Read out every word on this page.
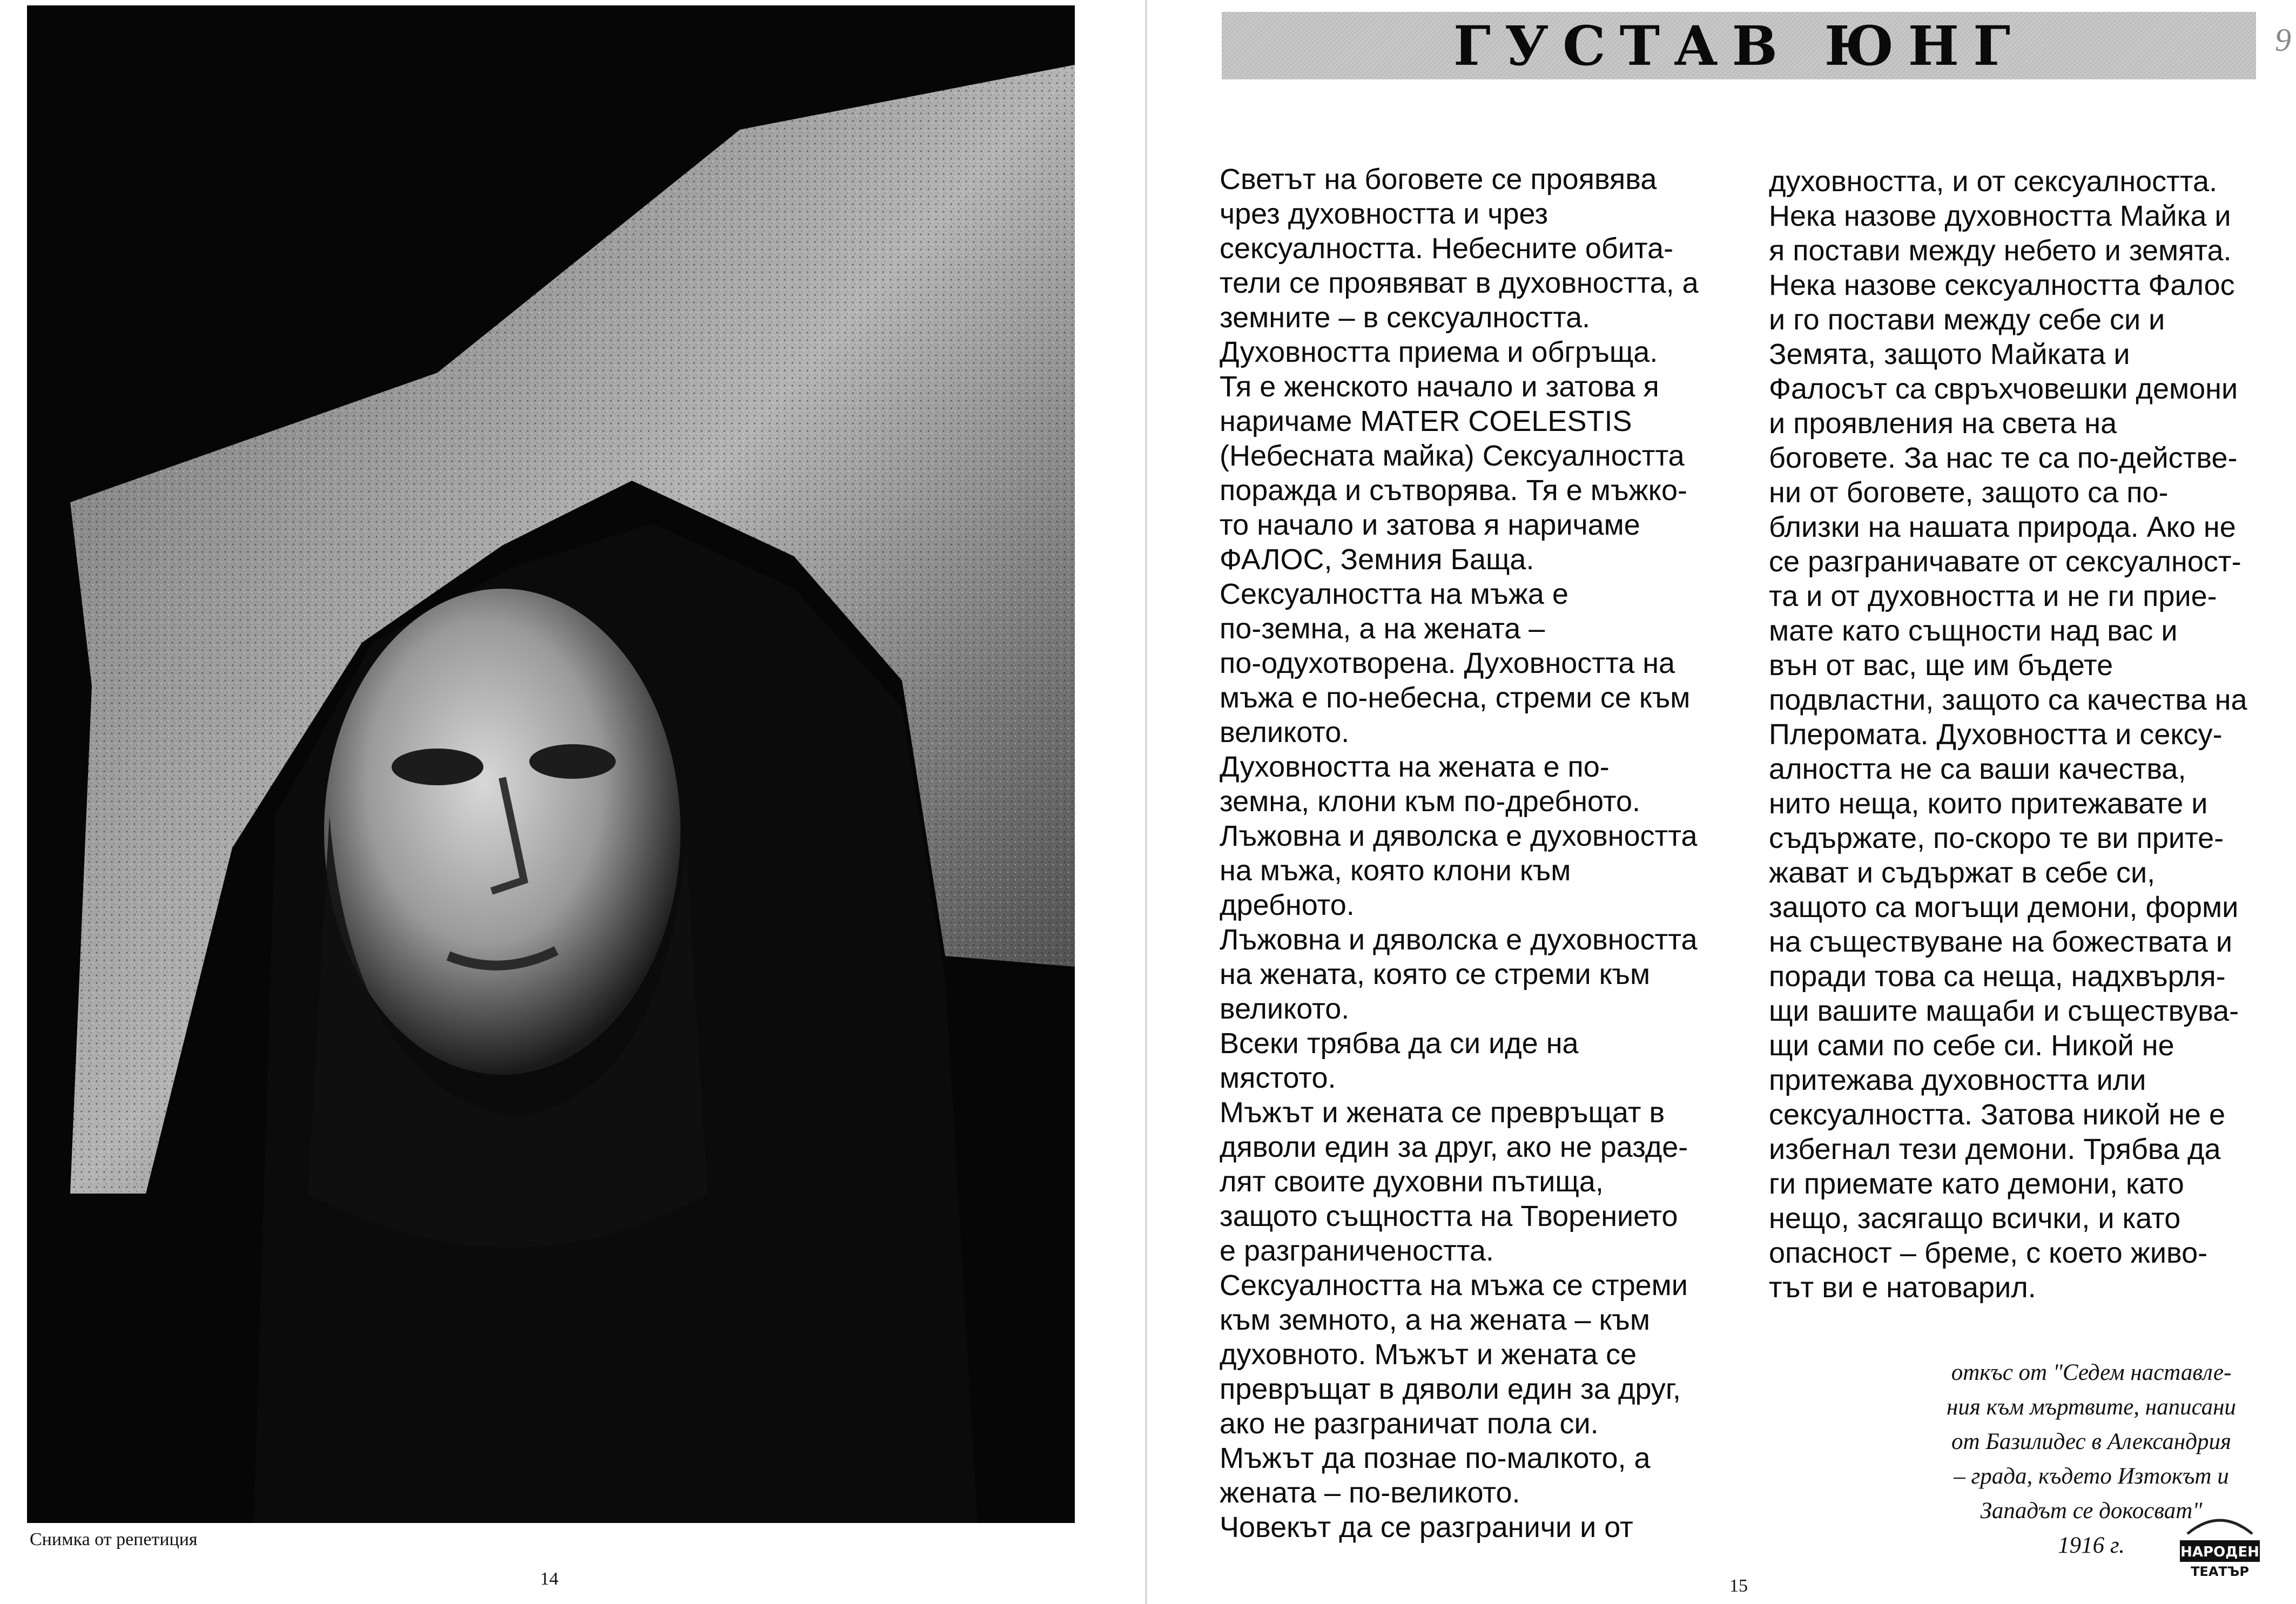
Снимка от репетиция
14
ГУСТАВ ЮНГ	9
Светът на боговете се проявява
чрез духовността и чрез
сексуалността. Небесните обита-
тели се проявяват в духовността, а
земните – в сексуалността.
Духовността приема и обгръща.
Тя е женското начало и затова я
наричаме MATER COELESTIS
(Небесната майка) Сексуалността
поражда и сътворява. Тя е мъжко-
то начало и затова я наричаме
ФАЛОС, Земния Баща.
Сексуалността на мъжа е
по-земна, а на жената –
по-одухотворена. Духовността на
мъжа е по-небесна, стреми се към
великото.
Духовността на жената е по-
земна, клони към по-дребното.
Лъжовна и дяволска е духовността
на мъжа, която клони към
дребното.
Лъжовна и дяволска е духовността
на жената, която се стреми към
великото.
Всеки трябва да си иде на
мястото.
Мъжът и жената се превръщат в
дяволи един за друг, ако не разде-
лят своите духовни пътища,
защото същността на Творението
е разграничеността.
Сексуалността на мъжа се стреми
към земното, а на жената – към
духовното. Мъжът и жената се
превръщат в дяволи един за друг,
ако не разграничат пола си.
Мъжът да познае по-малкото, а
жената – по-великото.
Човекът да се разграничи и от
духовността, и от сексуалността.
Нека назове духовността Майка и
я постави между небето и земята.
Нека назове сексуалността Фалос
и го постави между себе си и
Земята, защото Майката и
Фалосът са свръхчовешки демони
и проявления на света на
боговете. За нас те са по-действе-
ни от боговете, защото са по-
близки на нашата природа. Ако не
се разграничавате от сексуалност-
та и от духовността и не ги прие-
мате като същности над вас и
вън от вас, ще им бъдете
подвластни, защото са качества на
Плеромата. Духовността и сексу-
алността не са ваши качества,
нито неща, които притежавате и
съдържате, по-скоро те ви прите-
жават и съдържат в себе си,
защото са могъщи демони, форми
на съществуване на божествата и
поради това са неща, надхвърля-
щи вашите мащаби и съществува-
щи сами по себе си. Никой не
притежава духовността или
сексуалността. Затова никой не е
избегнал тези демони. Трябва да
ги приемате като демони, като
нещо, засягащо всички, и като
опасност – бреме, с което живо-
тът ви е натоварил.
откъс от "Седем наставле-
ния към мъртвите, написани
от Базилидес в Александрия
– града, където Изтокът и
Западът се докосват"
1916 г.
15
НАРОДЕН
ТЕАТЪР
